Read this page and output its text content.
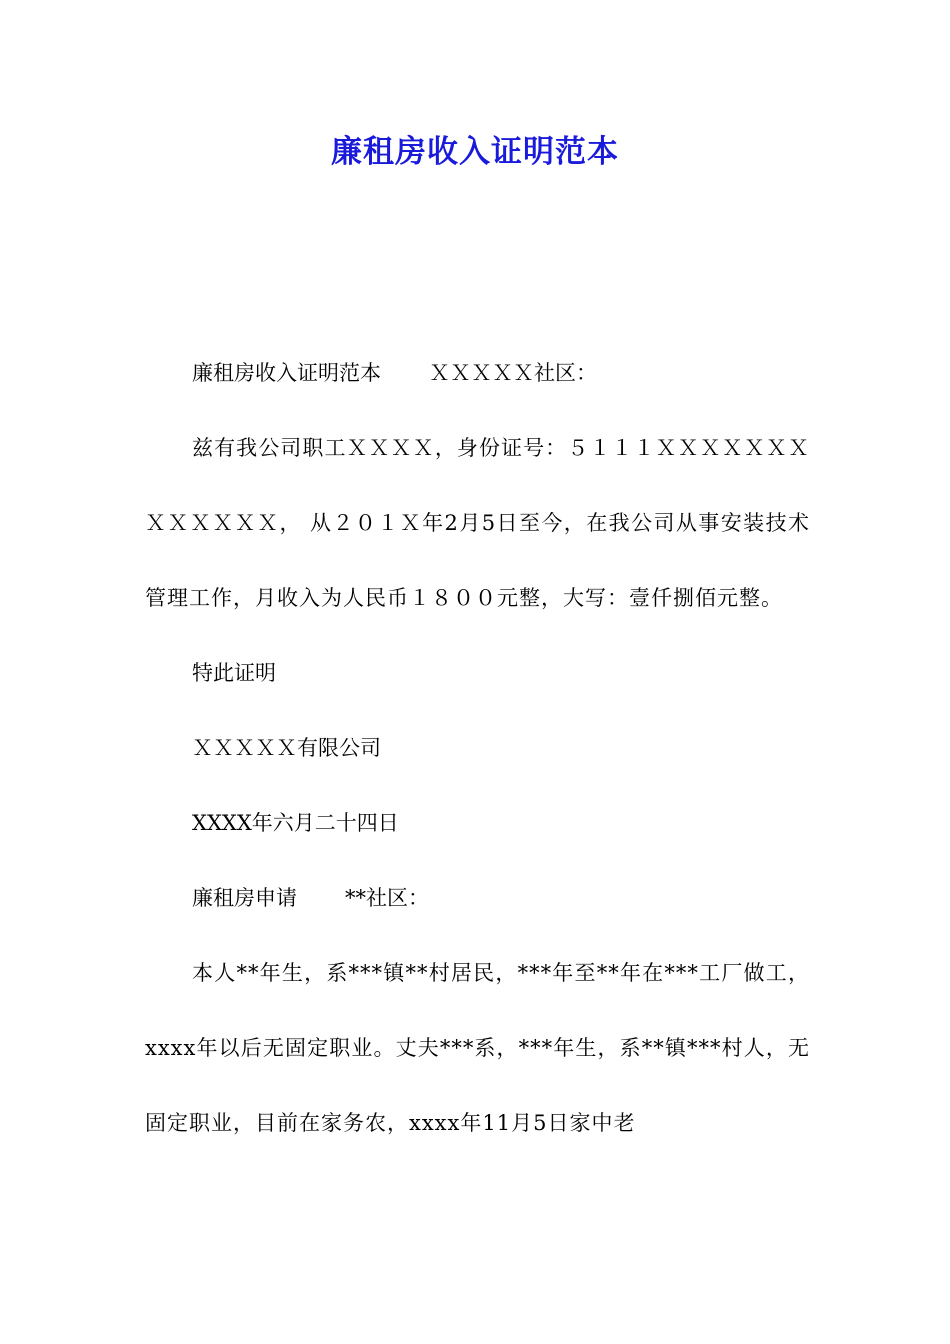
廉租房收入证明范本

廉租房收入证明范本 ＸＸＸＸＸ社区：

兹有我公司职工ＸＸＸＸ，身份证号：５１１１ＸＸＸＸＸＸＸＸＸＸＸＸＸ， 从２０１Ｘ年2月5日至今，在我公司从事安装技术管理工作，月收入为人民币１８００元整，大写：壹仟捌佰元整。

特此证明

ＸＸＸＸＸ有限公司

XXXX年六月二十四日

廉租房申请 **社区：

本人**年生，系***镇**村居民，***年至**年在***工厂做工，xxxx年以后无固定职业。丈夫***系，***年生，系**镇***村人，无固定职业，目前在家务农，xxxx年11月5日家中老
